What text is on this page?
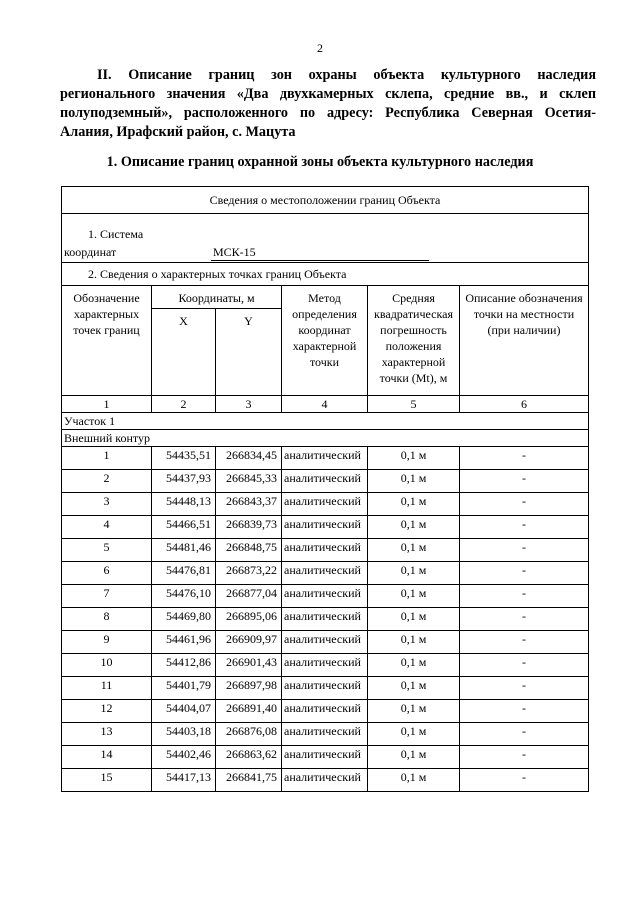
2
II. Описание границ зон охраны объекта культурного наследия регионального значения «Два двухкамерных склепа, средние вв., и склеп полуподземный», расположенного по адресу: Республика Северная Осетия-Алания, Ирафский район, с. Мацута
1. Описание границ охранной зоны объекта культурного наследия
Сведения о местоположении границ Объекта					

1. Система
координат МСК-15					

2. Сведения о характерных точках границ Объекта					
Обозначение характерных точек границ	Координаты, м		Метод определения координат характерной точки	Средняя квадратическая погрешность положения характерной точки (Mt), м	Описание обозначения точки на местности (при наличии)
	X	Y			
1	2	3	4	5	6
Участок 1					
Внешний контур					
1	54435,51	266834,45	аналитический	0,1 м	-
2	54437,93	266845,33	аналитический	0,1 м	-
3	54448,13	266843,37	аналитический	0,1 м	-
4	54466,51	266839,73	аналитический	0,1 м	-
5	54481,46	266848,75	аналитический	0,1 м	-
6	54476,81	266873,22	аналитический	0,1 м	-
7	54476,10	266877,04	аналитический	0,1 м	-
8	54469,80	266895,06	аналитический	0,1 м	-
9	54461,96	266909,97	аналитический	0,1 м	-
10	54412,86	266901,43	аналитический	0,1 м	-
11	54401,79	266897,98	аналитический	0,1 м	-
12	54404,07	266891,40	аналитический	0,1 м	-
13	54403,18	266876,08	аналитический	0,1 м	-
14	54402,46	266863,62	аналитический	0,1 м	-
15	54417,13	266841,75	аналитический	0,1 м	-
